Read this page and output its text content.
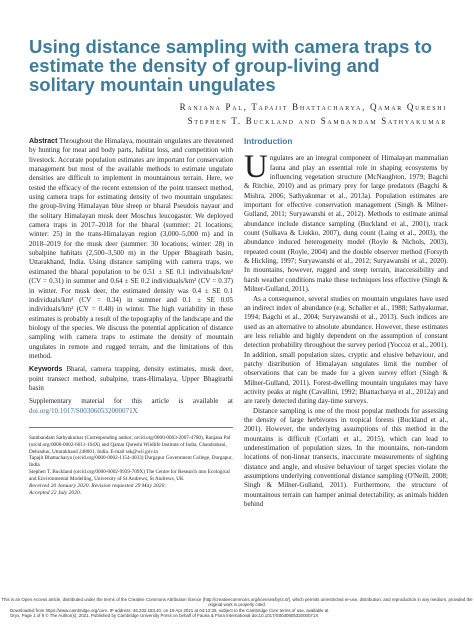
Using distance sampling with camera traps to estimate the density of group-living and solitary mountain ungulates
Ranjana Pal, Tapajit Bhattacharya, Qamar Qureshi
Stephen T. Buckland and Sambandam Sathyakumar

Abstract Throughout the Himalaya, mountain ungulates are threatened by hunting for meat and body parts, habitat loss, and competition with livestock. Accurate population estimates are important for conservation management but most of the available methods to estimate ungulate densities are difficult to implement in mountainous terrain. Here, we tested the efficacy of the recent extension of the point transect method, using camera traps for estimating density of two mountain ungulates: the group-living Himalayan blue sheep or bharal Pseudois nayaur and the solitary Himalayan musk deer Moschus leucogaster. We deployed camera traps in 2017–2018 for the bharal (summer: 21 locations; winter: 25) in the trans-Himalayan region (3,000–5,000 m) and in 2018–2019 for the musk deer (summer: 30 locations; winter: 28) in subalpine habitats (2,500–3,500 m) in the Upper Bhagirath basin, Uttarakhand, India. Using distance sampling with camera traps, we estimated the bharal population to be 0.51 ± SE 0.1 individuals/km² (CV = 0.31) in summer and 0.64 ± SE 0.2 individuals/km² (CV = 0.37) in winter. For musk deer, the estimated density was 0.4 ± SE 0.1 individuals/km² (CV = 0.34) in summer and 0.1 ± SE 0.05 individuals/km² (CV = 0.48) in winter. The high variability in these estimates is probably a result of the topography of the landscape and the biology of the species. We discuss the potential application of distance sampling with camera traps to estimate the density of mountain ungulates in remote and rugged terrain, and the limitations of this method.

Keywords Bharal, camera trapping, density estimates, musk deer, point transect method, subalpine, trans-Himalaya, Upper Bhagirathi basin

Supplementary material for this article is available at doi.org/10.1017/S003060532000071X

Sambandam Sathyakumar (Corresponding author, orcid.org/0000-0003-2007-4780), Ranjana Pal (orcid.org/0000-0002-6011-164X) and Qamar Qureshi Wildlife Institute of India, Chandrabani, Dehradun, Uttarakhand 248001, India. E-mail ssk@wii.gov.in

Tapajit Bhattacharya (orcid.org/0000-0002-1154-4033) Durgapur Government College, Durgapur, India

Stephen T. Buckland (orcid.org/0000-0002-9939-709X) The Centre for Research into Ecological and Environmental Modelling, University of St Andrews, St Andrews, UK

Received 20 January 2020. Revision requested 29 May 2020.

Accepted 22 July 2020.

Introduction

Ungulates are an integral component of Himalayan mammalian fauna and play an essential role in shaping ecosystems by influencing vegetation structure (McNaughton, 1979; Bagchi & Ritchie, 2010) and as primary prey for large predators (Bagchi & Mishra, 2006; Sathyakumar et al., 2013a). Population estimates are important for effective conservation management (Singh & Milner-Gulland, 2011; Suryawanshi et al., 2012). Methods to estimate animal abundance include distance sampling (Buckland et al., 2001), track count (Sulkava & Liukko, 2007), dung count (Laing et al., 2003), the abundance induced heterogeneity model (Royle & Nichols, 2003), repeated count (Royle, 2004) and the double observer method (Forsyth & Hickling, 1997; Suryawanshi et al., 2012; Suryawanshi et al., 2020). In mountains, however, rugged and steep terrain, inaccessibility and harsh weather conditions make these techniques less effective (Singh & Milner-Gulland, 2011).

As a consequence, several studies on mountain ungulates have used an indirect index of abundance (e.g. Schaller et al., 1988; Sathyakumar, 1994; Bagchi et al., 2004; Suryawanshi et al., 2013). Such indices are used as an alternative to absolute abundance. However, these estimates are less reliable and highly dependent on the assumption of constant detection probability throughout the survey period (Yoccoz et al., 2001). In addition, small population sizes, cryptic and elusive behaviour, and patchy distribution of Himalayan ungulates limit the number of observations that can be made for a given survey effort (Singh & Milner-Gulland, 2011). Forest-dwelling mountain ungulates may have activity peaks at night (Cavallini, 1992; Bhattacharya et al., 2012a) and are rarely detected during day-time surveys.

Distance sampling is one of the most popular methods for assessing the density of large herbivores in tropical forests (Buckland et al., 2001). However, the underlying assumptions of this method in the mountains is difficult (Corlatti et al., 2015), which can lead to underestimation of population sizes. In the mountains, non-random locations of non-linear transects, inaccurate measurements of sighting distance and angle, and elusive behaviour of target species violate the assumptions underlying conventional distance sampling (O'Neill, 2008; Singh & Milner-Gulland, 2011). Furthermore, the structure of mountainous terrain can hamper animal detectability, as animals hidden behind

This is an Open Access article, distributed under the terms of the Creative Commons Attribution licence (http://creativecommons.org/licenses/by/4.0/), which permits unrestricted re-use, distribution, and reproduction in any medium, provided the original work is properly cited.
Downloaded from https://www.cambridge.org/core. IP address: 46.232.183.40, on 19 Apr 2021 at 04:12:35, subject to the Cambridge Core terms of use, available at
Oryx, Page 1 of 9 © The Author(s), 2021. Published by Cambridge University Press on behalf of Fauna & Flora International doi:10.1017/S003060532000071X
